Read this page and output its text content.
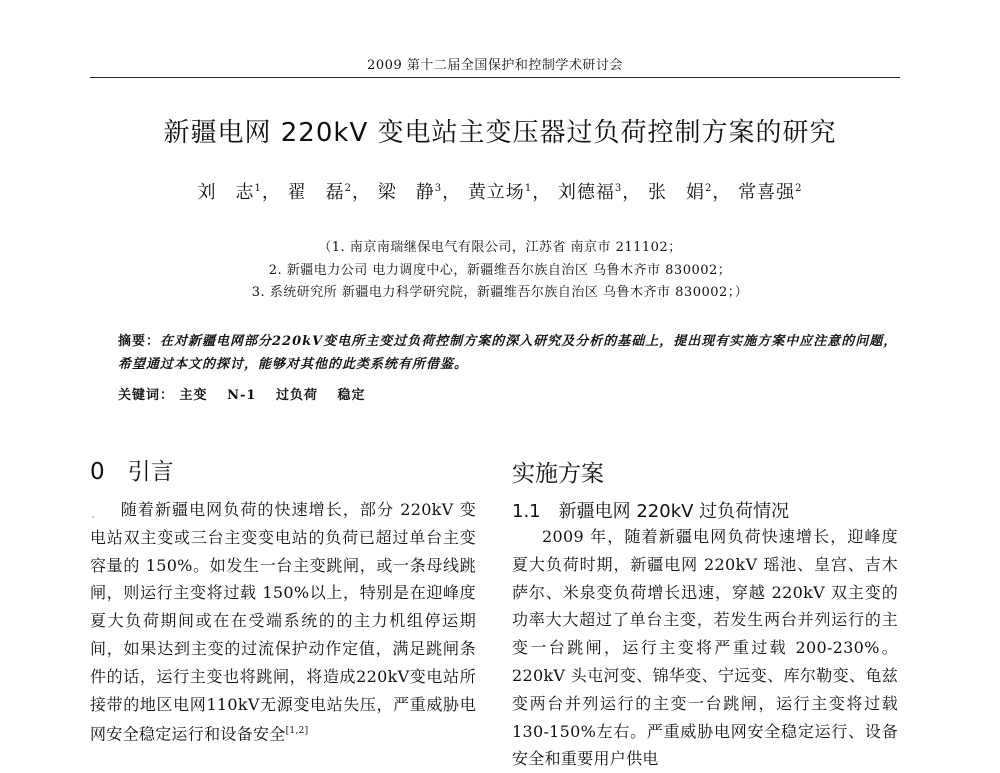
2009 第十二届全国保护和控制学术研讨会
新疆电网 220kV 变电站主变压器过负荷控制方案的研究
刘　志$^1$， 翟　磊$^2$， 梁　静$^3$， 黄立场$^1$， 刘德福$^3$， 张　娟$^2$， 常喜强$^2$
（1. 南京南瑞继保电气有限公司，江苏省 南京市 211102；
2. 新疆电力公司 电力调度中心，新疆维吾尔族自治区 乌鲁木齐市 830002；
3. 系统研究所 新疆电力科学研究院，新疆维吾尔族自治区 乌鲁木齐市 830002；）
摘要：在对新疆电网部分220kV变电所主变过负荷控制方案的深入研究及分析的基础上，提出现有实施方案中应注意的问题，希望通过本文的探讨，能够对其他的此类系统有所借鉴。
关键词： 主变 N-1 过负荷 稳定
0　引言
,	随着新疆电网负荷的快速增长，部分 220kV 变电站双主变或三台主变变电站的负荷已超过单台主变容量的 150%。如发生一台主变跳闸，或一条母线跳闸，则运行主变将过载 150%以上，特别是在迎峰度夏大负荷期间或在在受端系统的的主力机组停运期间，如果达到主变的过流保护动作定值，满足跳闸条件的话，运行主变也将跳闸，将造成220kV变电站所接带的地区电网110kV无源变电站失压，严重威胁电网安全稳定运行和设备安全[1,2]
实施方案
1.1　新疆电网 220kV 过负荷情况
2009 年，随着新疆电网负荷快速增长，迎峰度夏大负荷时期，新疆电网 220kV 瑶池、皇宫、吉木萨尔、米泉变负荷增长迅速，穿越 220kV 双主变的功率大大超过了单台主变，若发生两台并列运行的主变一台跳闸，运行主变将严重过载 200-230%。220kV 头屯河变、锦华变、宁远变、库尔勒变、龟兹变两台并列运行的主变一台跳闸，运行主变将过载 130-150%左右。严重威胁电网安全稳定运行、设备安全和重要用户供电
